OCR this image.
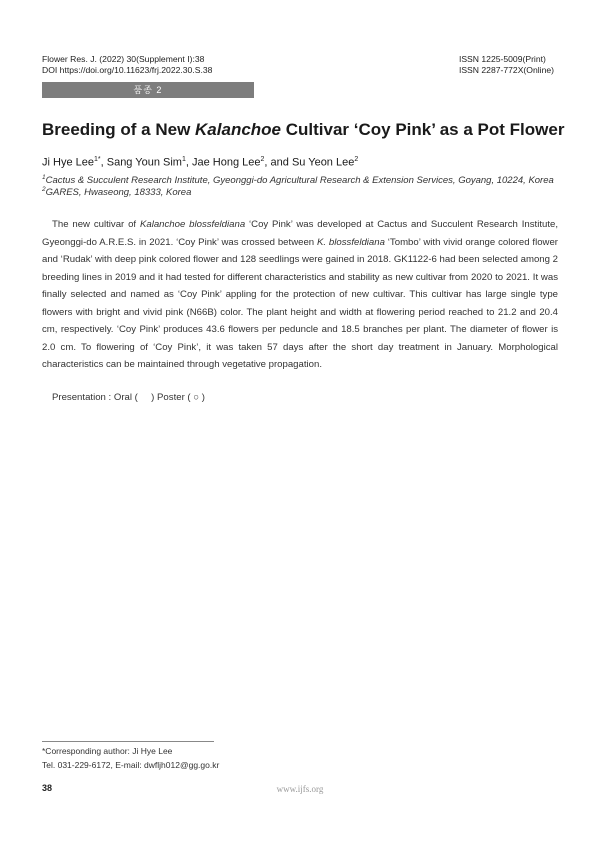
Flower Res. J. (2022) 30(Supplement I):38
DOI https://doi.org/10.11623/frj.2022.30.S.38
ISSN 1225-5009(Print)
ISSN 2287-772X(Online)
품종 2
Breeding of a New Kalanchoe Cultivar ‘Coy Pink’ as a Pot Flower
Ji Hye Lee$^{1*}$, Sang Youn Sim$^1$, Jae Hong Lee$^2$, and Su Yeon Lee$^2$
$^1$Cactus & Succulent Research Institute, Gyeonggi-do Agricultural Research & Extension Services, Goyang, 10224, Korea
$^2$GARES, Hwaseong, 18333, Korea

The new cultivar of Kalanchoe blossfeldiana ‘Coy Pink’ was developed at Cactus and Succulent Research Institute, Gyeonggi-do A.R.E.S. in 2021. ‘Coy Pink’ was crossed between K. blossfeldiana ‘Tombo’ with vivid orange colored flower and ‘Rudak’ with deep pink colored flower and 128 seedlings were gained in 2018. GK1122-6 had been selected among 2 breeding lines in 2019 and it had tested for different characteristics and stability as new cultivar from 2020 to 2021. It was finally selected and named as ‘Coy Pink’ appling for the protection of new cultivar. This cultivar has large single type flowers with bright and vivid pink (N66B) color. The plant height and width at flowering period reached to 21.2 and 20.4 cm, respectively. ‘Coy Pink’ produces 43.6 flowers per peduncle and 18.5 branches per plant. The diameter of flower is 2.0 cm. To flowering of ‘Coy Pink’, it was taken 57 days after the short day treatment in January. Morphological characteristics can be maintained through vegetative propagation.

Presentation : Oral (     ) Poster ( ○ )
*Corresponding author: Ji Hye Lee
Tel. 031-229-6172, E-mail: dwfljh012@gg.go.kr
38	www.ijfs.org
